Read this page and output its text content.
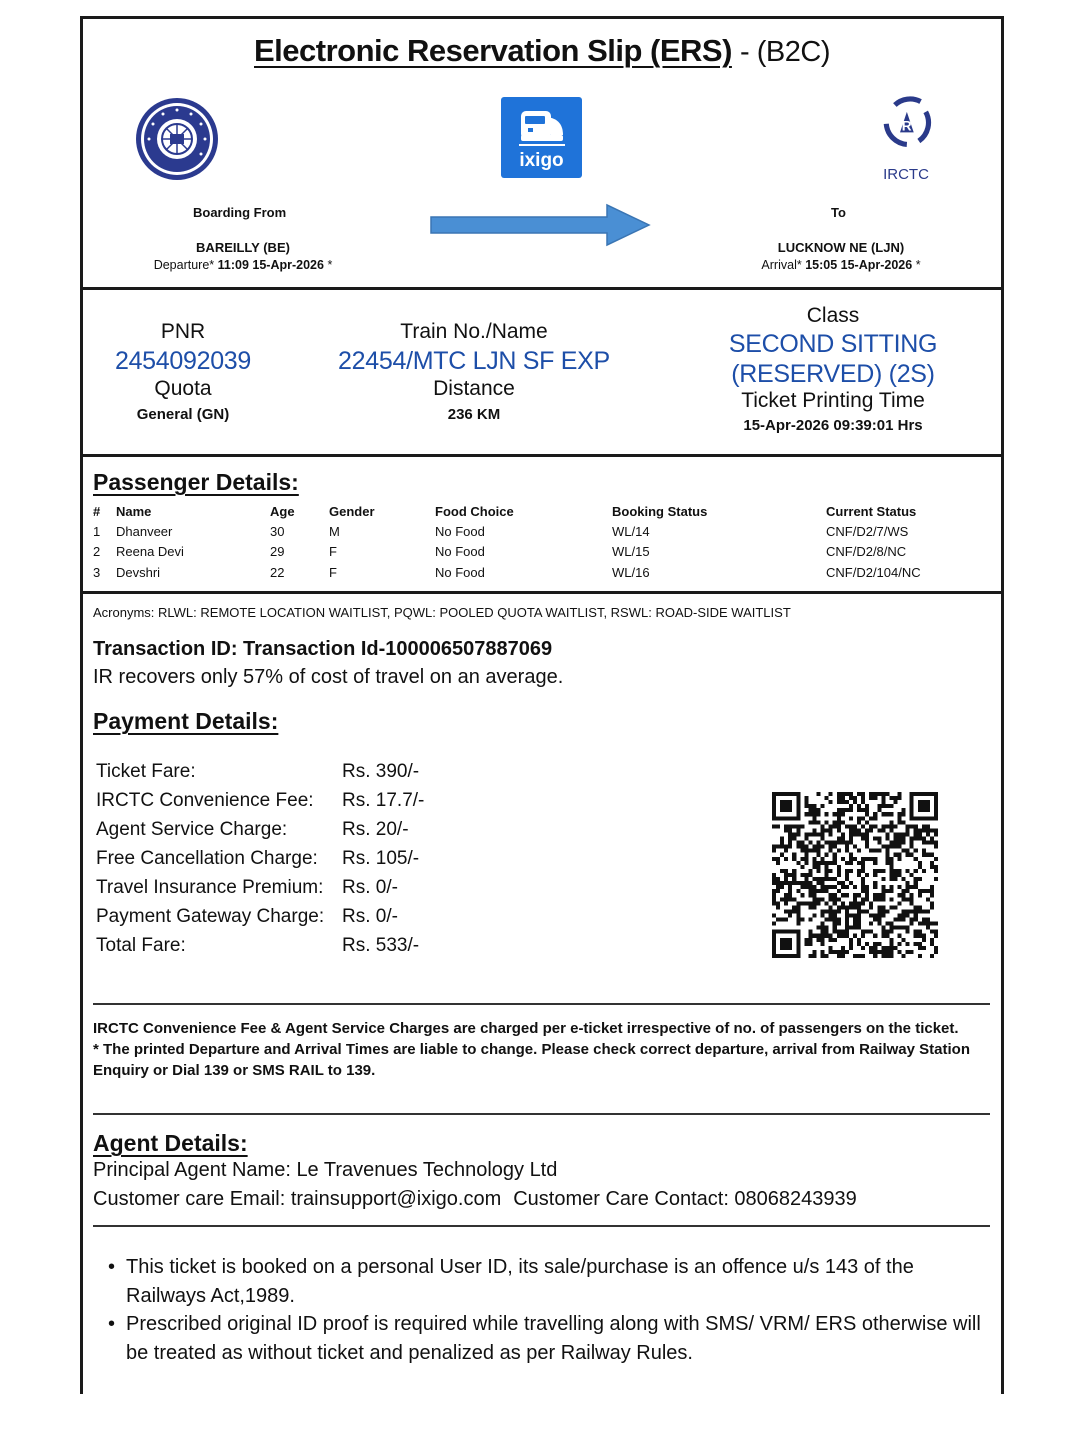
Electronic Reservation Slip (ERS) - (B2C)
ixigo
R
IRCTC
Boarding From	To
BAREILLY (BE)
Departure* 11:09 15-Apr-2026 *
LUCKNOW NE (LJN)
Arrival* 15:05 15-Apr-2026 *
PNR
2454092039
Quota
General (GN)
Train No./Name
22454/MTC LJN SF EXP
Distance
236 KM
Class
SECOND SITTING
(RESERVED) (2S)
Ticket Printing Time
15-Apr-2026 09:39:01 Hrs
Passenger Details:
#	Name	Age	Gender	Food Choice	Booking Status	Current Status
1	Dhanveer	30	M	No Food	WL/14	CNF/D2/7/WS
2	Reena Devi	29	F	No Food	WL/15	CNF/D2/8/NC
3	Devshri	22	F	No Food	WL/16	CNF/D2/104/NC
Acronyms: RLWL: REMOTE LOCATION WAITLIST, PQWL: POOLED QUOTA WAITLIST, RSWL: ROAD-SIDE WAITLIST
Transaction ID: Transaction Id-100006507887069
IR recovers only 57% of cost of travel on an average.
Payment Details:
Ticket Fare:	Rs. 390/-
IRCTC Convenience Fee: Rs. 17.7/-
Agent Service Charge:	Rs. 20/-
Free Cancellation Charge: Rs. 105/-
Travel Insurance Premium: Rs. 0/-
Payment Gateway Charge: Rs. 0/-
Total Fare:	Rs. 533/-
IRCTC Convenience Fee & Agent Service Charges are charged per e-ticket irrespective of no. of passengers on the ticket.
* The printed Departure and Arrival Times are liable to change. Please check correct departure, arrival from Railway Station Enquiry or Dial 139 or SMS RAIL to 139.
Agent Details:
Principal Agent Name: Le Travenues Technology Ltd
Customer care Email: trainsupport@ixigo.com Customer Care Contact: 08068243939
• This ticket is booked on a personal User ID, its sale/purchase is an offence u/s 143 of the Railways Act,1989.
• Prescribed original ID proof is required while travelling along with SMS/ VRM/ ERS otherwise will be treated as without ticket and penalized as per Railway Rules.
